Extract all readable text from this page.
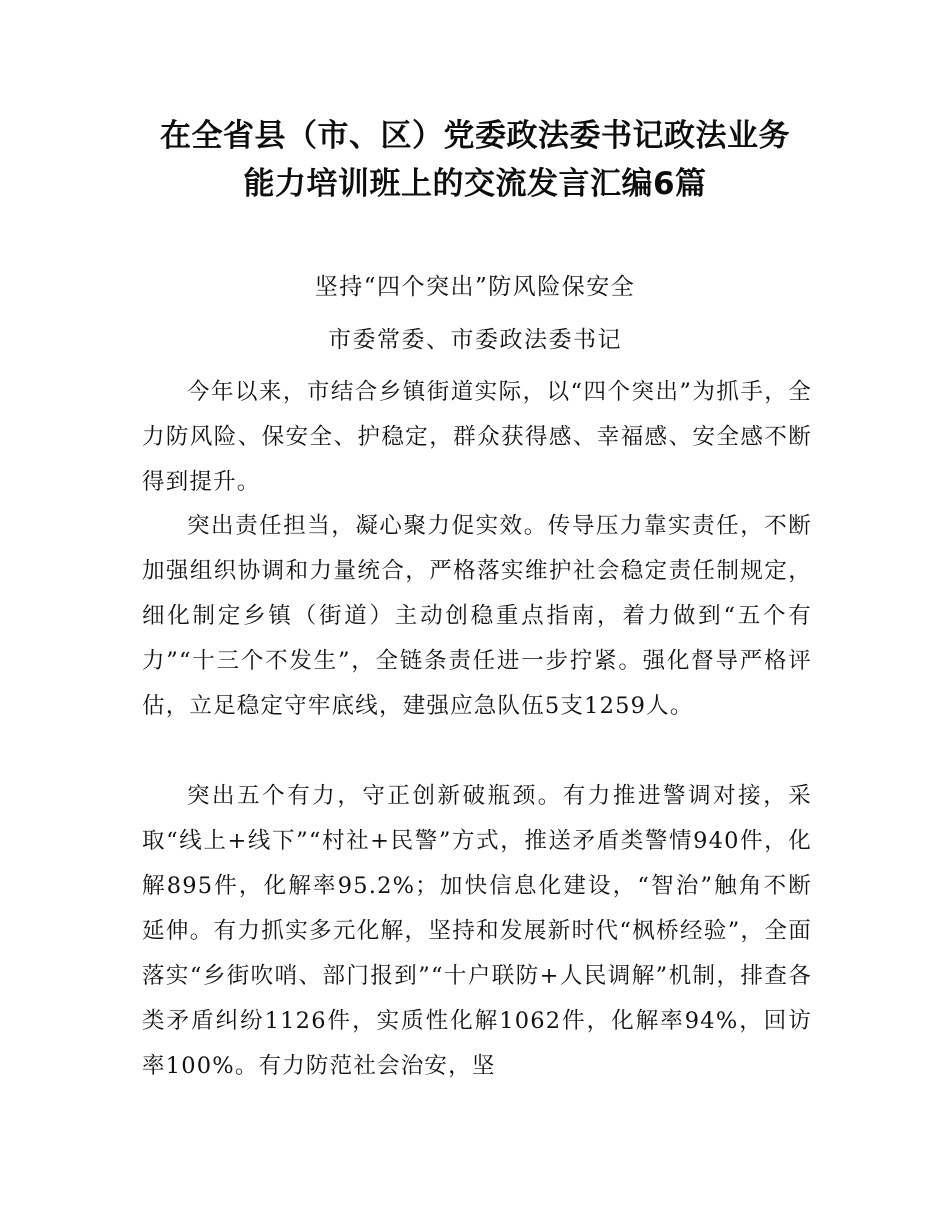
在全省县（市、区）党委政法委书记政法业务
能力培训班上的交流发言汇编6篇

坚持“四个突出”防风险保安全

市委常委、市委政法委书记

今年以来，市结合乡镇街道实际，以“四个突出”为抓手，全力防风险、保安全、护稳定，群众获得感、幸福感、安全感不断得到提升。

突出责任担当，凝心聚力促实效。传导压力靠实责任，不断加强组织协调和力量统合，严格落实维护社会稳定责任制规定，细化制定乡镇（街道）主动创稳重点指南，着力做到“五个有力”“十三个不发生”，全链条责任进一步拧紧。强化督导严格评估，立足稳定守牢底线，建强应急队伍5支1259人。

突出五个有力，守正创新破瓶颈。有力推进警调对接，采取“线上+线下”“村社+民警”方式，推送矛盾类警情940件，化解895件，化解率95.2%；加快信息化建设，“智治”触角不断延伸。有力抓实多元化解，坚持和发展新时代“枫桥经验”，全面落实“乡街吹哨、部门报到”“十户联防+人民调解”机制，排查各类矛盾纠纷1126件，实质性化解1062件，化解率94%，回访率100%。有力防范社会治安，坚
